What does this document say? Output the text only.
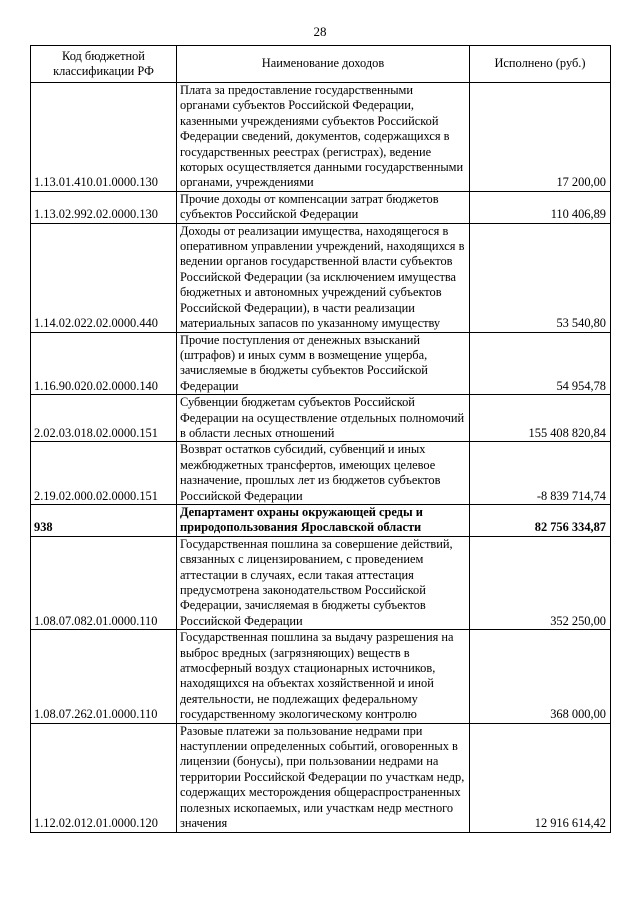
28
Код бюджетной классификации РФ	Наименование доходов	Исполнено (руб.)
1.13.01.410.01.0000.130	Плата за предоставление государственными органами субъектов Российской Федерации, казенными учреждениями субъектов Российской Федерации сведений, документов, содержащихся в государственных реестрах (регистрах), ведение которых осуществляется данными государственными органами, учреждениями	17 200,00
1.13.02.992.02.0000.130	Прочие доходы от компенсации затрат бюджетов субъектов Российской Федерации	110 406,89
1.14.02.022.02.0000.440	Доходы от реализации имущества, находящегося в оперативном управлении учреждений, находящихся в ведении органов государственной власти субъектов Российской Федерации (за исключением имущества бюджетных и автономных учреждений субъектов Российской Федерации), в части реализации материальных запасов по указанному имуществу	53 540,80
1.16.90.020.02.0000.140	Прочие поступления от денежных взысканий (штрафов) и иных сумм в возмещение ущерба, зачисляемые в бюджеты субъектов Российской Федерации	54 954,78
2.02.03.018.02.0000.151	Субвенции бюджетам субъектов Российской Федерации на осуществление отдельных полномочий в области лесных отношений	155 408 820,84
2.19.02.000.02.0000.151	Возврат остатков субсидий, субвенций и иных межбюджетных трансфертов, имеющих целевое назначение, прошлых лет из бюджетов субъектов Российской Федерации	-8 839 714,74
938	Департамент охраны окружающей среды и природопользования Ярославской области	82 756 334,87
1.08.07.082.01.0000.110	Государственная пошлина за совершение действий, связанных с лицензированием, с проведением аттестации в случаях, если такая аттестация предусмотрена законодательством Российской Федерации, зачисляемая в бюджеты субъектов Российской Федерации	352 250,00
1.08.07.262.01.0000.110	Государственная пошлина за выдачу разрешения на выброс вредных (загрязняющих) веществ в атмосферный воздух стационарных источников, находящихся на объектах хозяйственной и иной деятельности, не подлежащих федеральному государственному экологическому контролю	368 000,00
1.12.02.012.01.0000.120	Разовые платежи за пользование недрами при наступлении определенных событий, оговоренных в лицензии (бонусы), при пользовании недрами на территории Российской Федерации по участкам недр, содержащих месторождения общераспространенных полезных ископаемых, или участкам недр местного значения	12 916 614,42
